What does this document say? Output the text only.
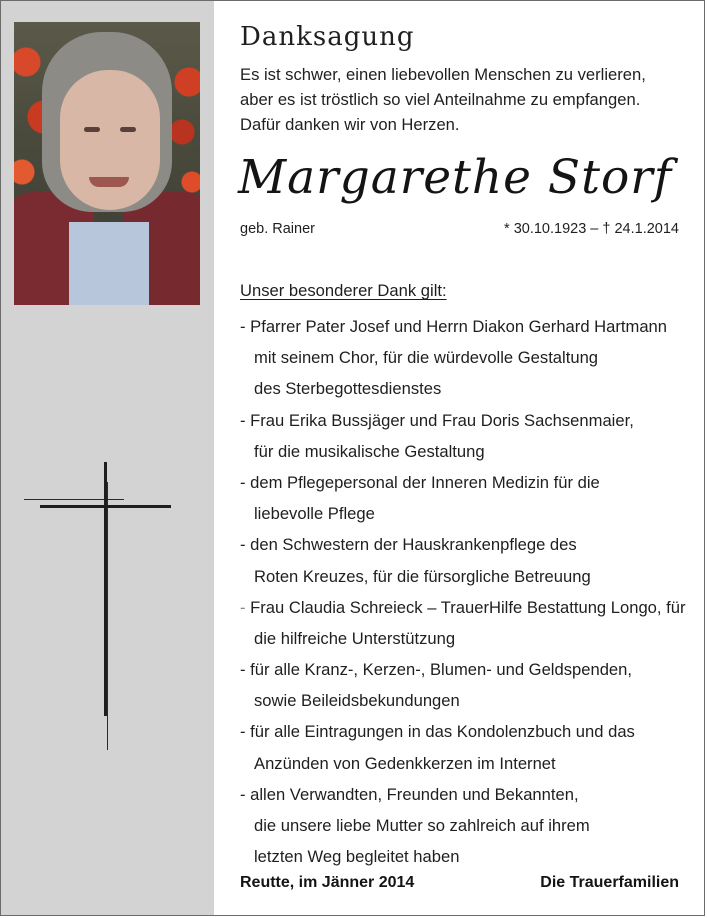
Danksagung
Es ist schwer, einen liebevollen Menschen zu verlieren,
aber es ist tröstlich so viel Anteilnahme zu empfangen.
Dafür danken wir von Herzen.
Margarethe Storf
geb. Rainer	* 30.10.1923 – † 24.1.2014
Unser besonderer Dank gilt:
- Pfarrer Pater Josef und Herrn Diakon Gerhard Hartmann
mit seinem Chor, für die würdevolle Gestaltung
des Sterbegottesdienstes
- Frau Erika Bussjäger und Frau Doris Sachsenmaier,
für die musikalische Gestaltung
- dem Pflegepersonal der Inneren Medizin für die
liebevolle Pflege
- den Schwestern der Hauskrankenpflege des
Roten Kreuzes, für die fürsorgliche Betreuung
- Frau Claudia Schreieck – TrauerHilfe Bestattung Longo, für
die hilfreiche Unterstützung
- für alle Kranz-, Kerzen-, Blumen- und Geldspenden,
sowie Beileidsbekundungen
- für alle Eintragungen in das Kondolenzbuch und das
Anzünden von Gedenkkerzen im Internet
- allen Verwandten, Freunden und Bekannten,
die unsere liebe Mutter so zahlreich auf ihrem
letzten Weg begleitet haben
Reutte, im Jänner 2014	Die Trauerfamilien
